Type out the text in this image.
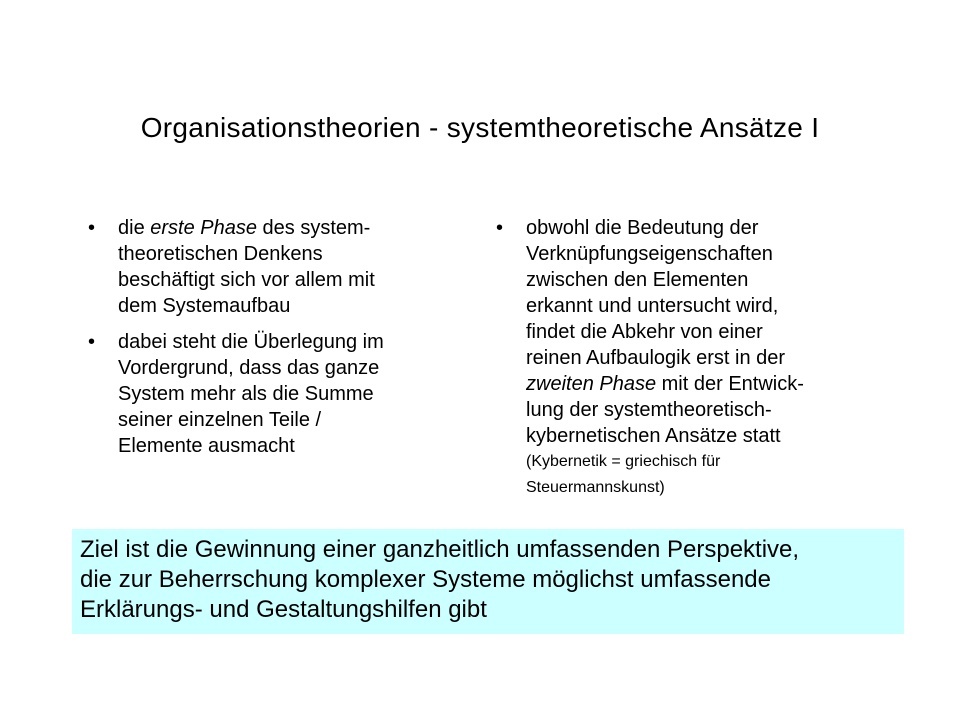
Organisationstheorien - systemtheoretische Ansätze I
• die erste Phase des system-
theoretischen Denkens
beschäftigt sich vor allem mit
dem Systemaufbau
• dabei steht die Überlegung im
Vordergrund, dass das ganze
System mehr als die Summe
seiner einzelnen Teile /
Elemente ausmacht
• obwohl die Bedeutung der
Verknüpfungseigenschaften
zwischen den Elementen
erkannt und untersucht wird,
findet die Abkehr von einer
reinen Aufbaulogik erst in der
zweiten Phase mit der Entwick-
lung der systemtheoretisch-
kybernetischen Ansätze statt
(Kybernetik = griechisch für
Steuermannskunst)
Ziel ist die Gewinnung einer ganzheitlich umfassenden Perspektive,
die zur Beherrschung komplexer Systeme möglichst umfassende
Erklärungs- und Gestaltungshilfen gibt
